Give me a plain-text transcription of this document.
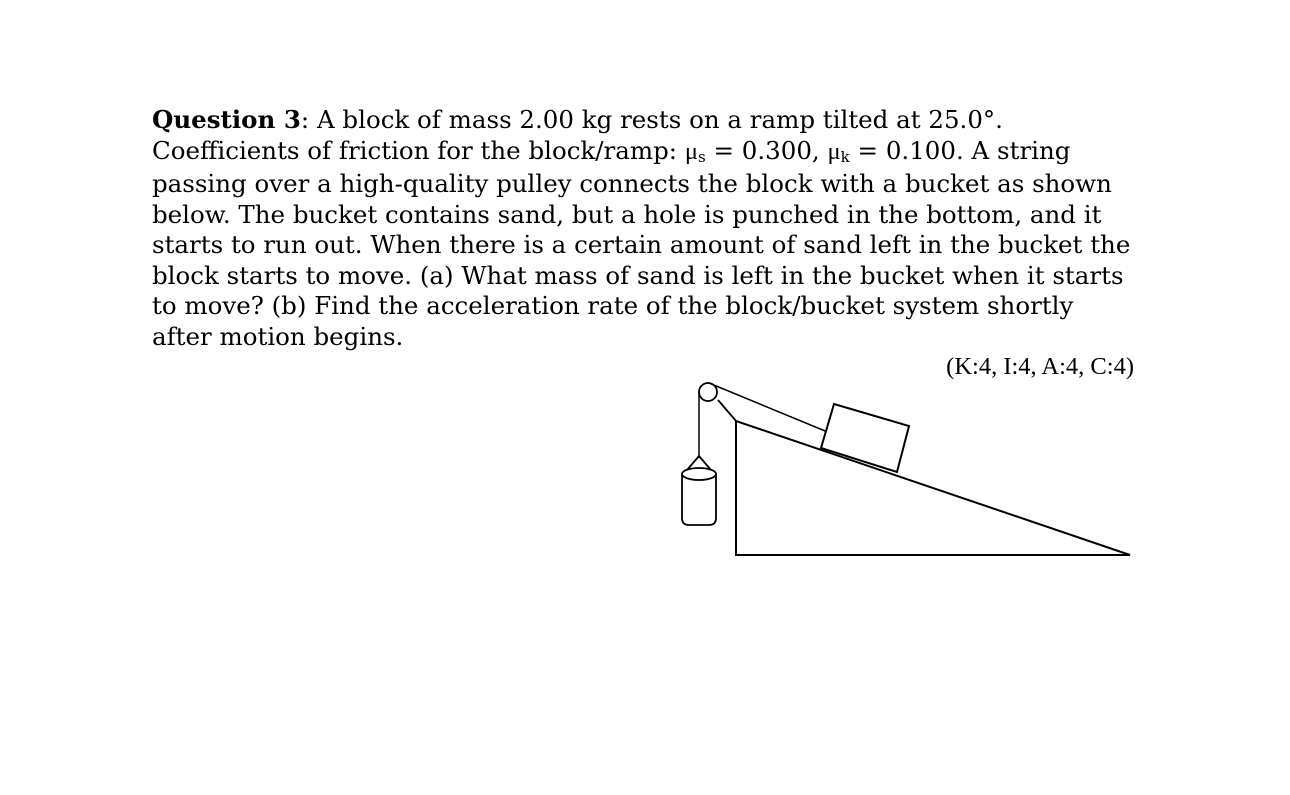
Question 3: A block of mass 2.00 kg rests on a ramp tilted at 25.0°. Coefficients of friction for the block/ramp: μs = 0.300, μk = 0.100. A string passing over a high-quality pulley connects the block with a bucket as shown below. The bucket contains sand, but a hole is punched in the bottom, and it starts to run out. When there is a certain amount of sand left in the bucket the block starts to move. (a) What mass of sand is left in the bucket when it starts to move? (b) Find the acceleration rate of the block/bucket system shortly after motion begins.

(K:4, I:4, A:4, C:4)
